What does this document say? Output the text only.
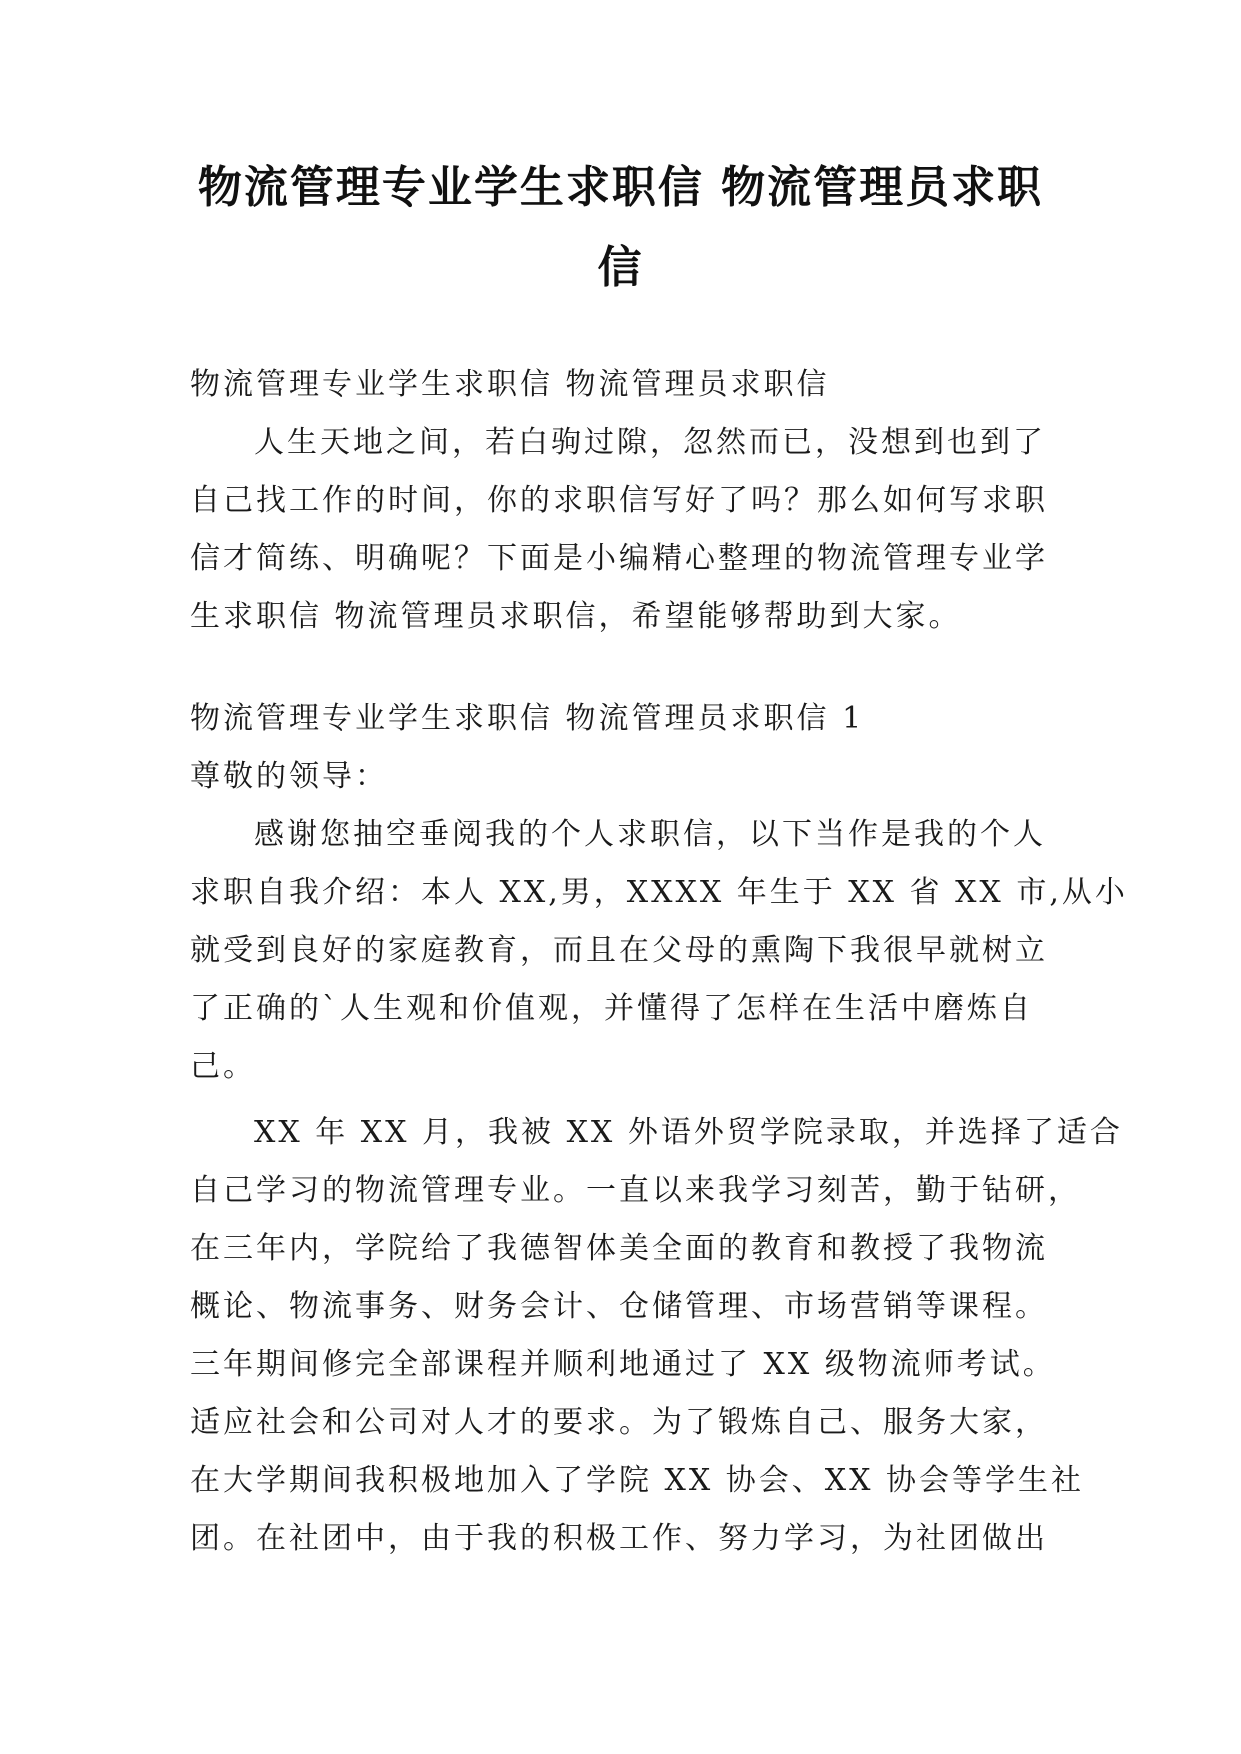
物流管理专业学生求职信 物流管理员求职
信
物流管理专业学生求职信 物流管理员求职信
人生天地之间，若白驹过隙，忽然而已，没想到也到了
自己找工作的时间，你的求职信写好了吗？那么如何写求职
信才简练、明确呢？下面是小编精心整理的物流管理专业学
生求职信 物流管理员求职信，希望能够帮助到大家。
物流管理专业学生求职信 物流管理员求职信 1
尊敬的领导：
感谢您抽空垂阅我的个人求职信，以下当作是我的个人
求职自我介绍：本人 XX,男，XXXX 年生于 XX 省 XX 市,从小
就受到良好的家庭教育，而且在父母的熏陶下我很早就树立
了正确的`人生观和价值观，并懂得了怎样在生活中磨炼自
己。
XX 年 XX 月，我被 XX 外语外贸学院录取，并选择了适合
自己学习的物流管理专业。一直以来我学习刻苦，勤于钻研，
在三年内，学院给了我德智体美全面的教育和教授了我物流
概论、物流事务、财务会计、仓储管理、市场营销等课程。
三年期间修完全部课程并顺利地通过了 XX 级物流师考试。
适应社会和公司对人才的要求。为了锻炼自己、服务大家，
在大学期间我积极地加入了学院 XX 协会、XX 协会等学生社
团。在社团中，由于我的积极工作、努力学习，为社团做出
